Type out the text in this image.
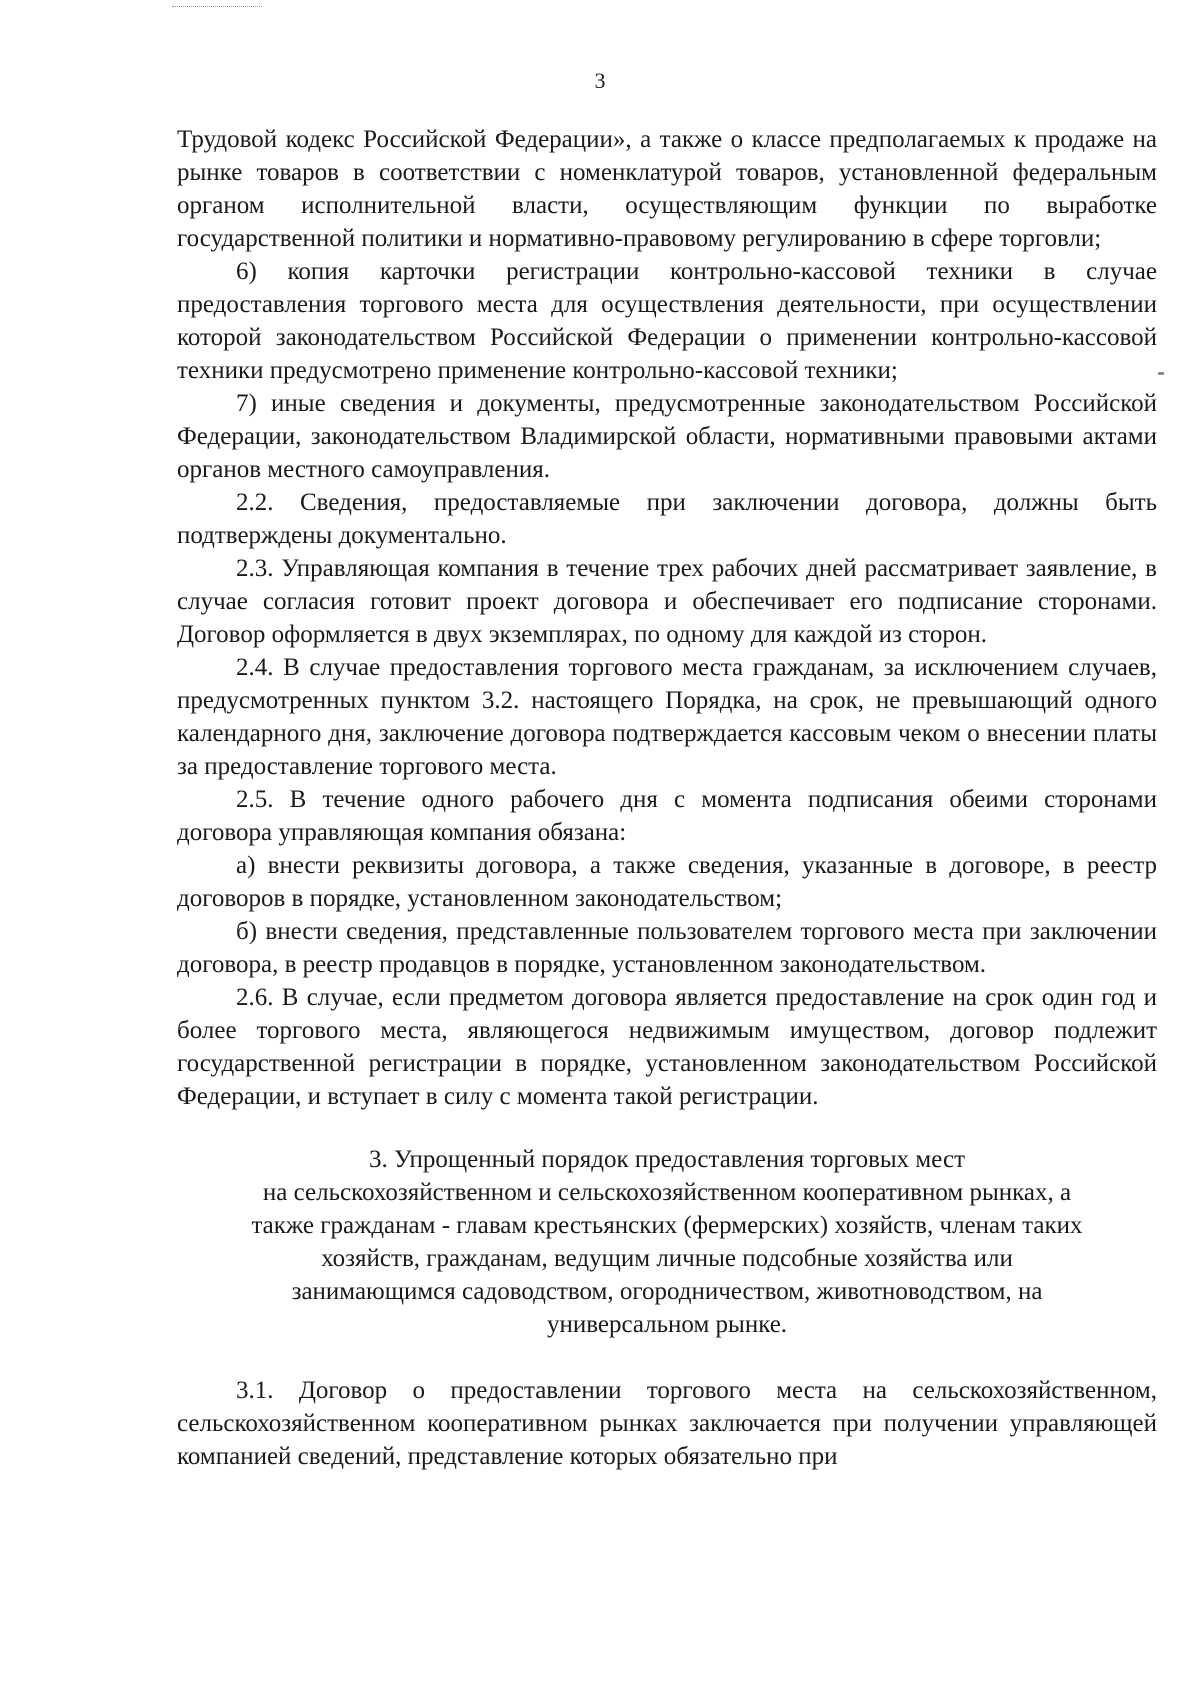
3

Трудовой кодекс Российской Федерации», а также о классе предполагаемых к продаже на рынке товаров в соответствии с номенклатурой товаров, установленной федеральным органом исполнительной власти, осуществляющим функции по выработке государственной политики и нормативно-правовому регулированию в сфере торговли;

6) копия карточки регистрации контрольно-кассовой техники в случае предоставления торгового места для осуществления деятельности, при осуществлении которой законодательством Российской Федерации о применении контрольно-кассовой техники предусмотрено применение контрольно-кассовой техники;

7) иные сведения и документы, предусмотренные законодательством Российской Федерации, законодательством Владимирской области, нормативными правовыми актами органов местного самоуправления.

2.2. Сведения, предоставляемые при заключении договора, должны быть подтверждены документально.

2.3. Управляющая компания в течение трех рабочих дней рассматривает заявление, в случае согласия готовит проект договора и обеспечивает его подписание сторонами. Договор оформляется в двух экземплярах, по одному для каждой из сторон.

2.4. В случае предоставления торгового места гражданам, за исключением случаев, предусмотренных пунктом 3.2. настоящего Порядка, на срок, не превышающий одного календарного дня, заключение договора подтверждается кассовым чеком о внесении платы за предоставление торгового места.

2.5. В течение одного рабочего дня с момента подписания обеими сторонами договора управляющая компания обязана:

а) внести реквизиты договора, а также сведения, указанные в договоре, в реестр договоров в порядке, установленном законодательством;

б) внести сведения, представленные пользователем торгового места при заключении договора, в реестр продавцов в порядке, установленном законодательством.

2.6. В случае, если предметом договора является предоставление на срок один год и более торгового места, являющегося недвижимым имуществом, договор подлежит государственной регистрации в порядке, установленном законодательством Российской Федерации, и вступает в силу с момента такой регистрации.

3. Упрощенный порядок предоставления торговых мест
на сельскохозяйственном и сельскохозяйственном кооперативном рынках, а
также гражданам - главам крестьянских (фермерских) хозяйств, членам таких
хозяйств, гражданам, ведущим личные подсобные хозяйства или
занимающимся садоводством, огородничеством, животноводством, на
универсальном рынке.

3.1. Договор о предоставлении торгового места на сельскохозяйственном, сельскохозяйственном кооперативном рынках заключается при получении управляющей компанией сведений, представление которых обязательно при
